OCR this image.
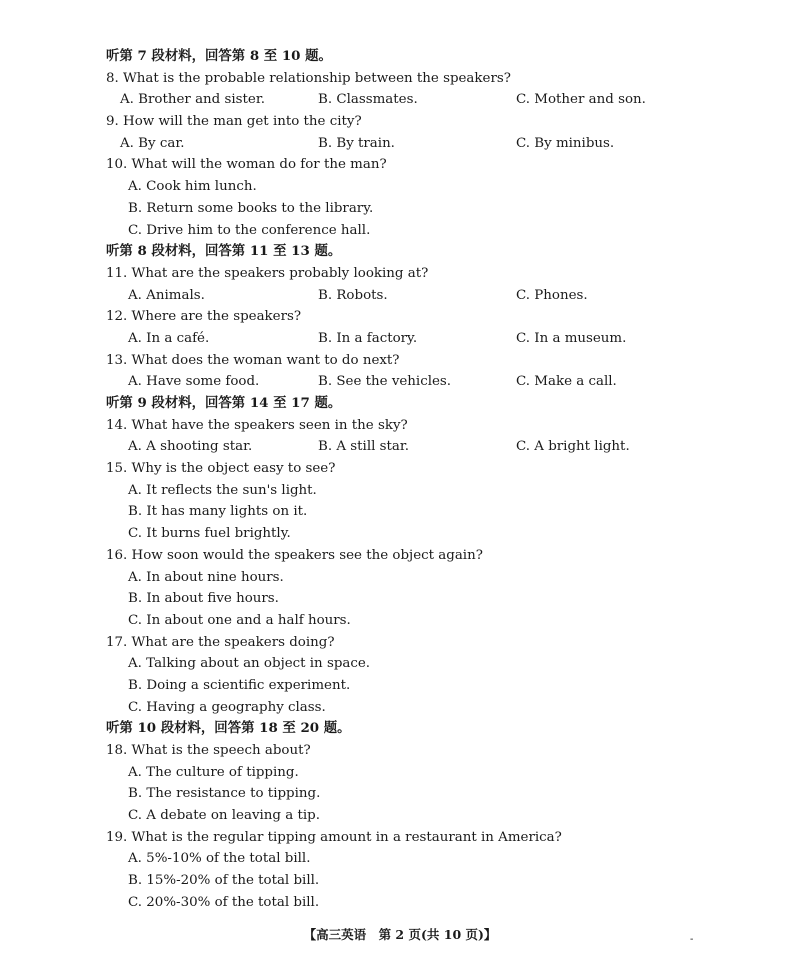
听第 7 段材料，回答第 8 至 10 题。
8. What is the probable relationship between the speakers?
A. Brother and sister.	B. Classmates.	C. Mother and son.
9. How will the man get into the city?
A. By car.	B. By train.	C. By minibus.
10. What will the woman do for the man?
A. Cook him lunch.
B. Return some books to the library.
C. Drive him to the conference hall.
听第 8 段材料，回答第 11 至 13 题。
11. What are the speakers probably looking at?
A. Animals.	B. Robots.	C. Phones.
12. Where are the speakers?
A. In a café.	B. In a factory.	C. In a museum.
13. What does the woman want to do next?
A. Have some food.	B. See the vehicles.	C. Make a call.
听第 9 段材料，回答第 14 至 17 题。
14. What have the speakers seen in the sky?
A. A shooting star.	B. A still star.	C. A bright light.
15. Why is the object easy to see?
A. It reflects the sun's light.
B. It has many lights on it.
C. It burns fuel brightly.
16. How soon would the speakers see the object again?
A. In about nine hours.
B. In about five hours.
C. In about one and a half hours.
17. What are the speakers doing?
A. Talking about an object in space.
B. Doing a scientific experiment.
C. Having a geography class.
听第 10 段材料，回答第 18 至 20 题。
18. What is the speech about?
A. The culture of tipping.
B. The resistance to tipping.
C. A debate on leaving a tip.
19. What is the regular tipping amount in a restaurant in America?
A. 5%-10% of the total bill.
B. 15%-20% of the total bill.
C. 20%-30% of the total bill.
【高三英语　第 2 页(共 10 页)】	-
